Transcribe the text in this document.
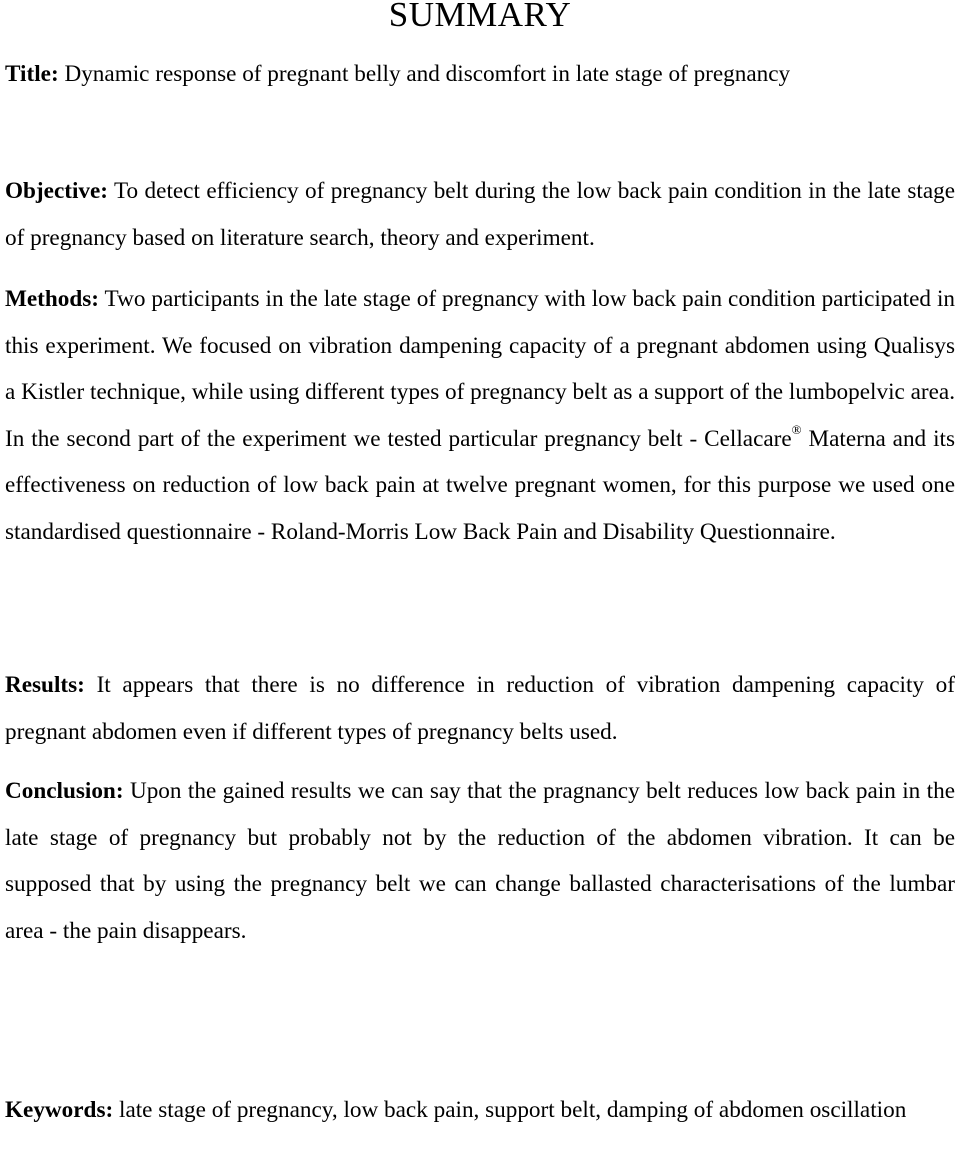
SUMMARY

Title: Dynamic response of pregnant belly and discomfort in late stage of pregnancy

Objective: To detect efficiency of pregnancy belt during the low back pain condition in the late stage of pregnancy based on literature search, theory and experiment.

Methods: Two participants in the late stage of pregnancy with low back pain condition participated in this experiment. We focused on vibration dampening capacity of a pregnant abdomen using Qualisys a Kistler technique, while using different types of pregnancy belt as a support of the lumbopelvic area. In the second part of the experiment we tested particular pregnancy belt - Cellacare® Materna and its effectiveness on reduction of low back pain at twelve pregnant women, for this purpose we used one standardised questionnaire - Roland-Morris Low Back Pain and Disability Questionnaire.

Results: It appears that there is no difference in reduction of vibration dampening capacity of pregnant abdomen even if different types of pregnancy belts used.

Conclusion: Upon the gained results we can say that the pragnancy belt reduces low back pain in the late stage of pregnancy but probably not by the reduction of the abdomen vibration. It can be supposed that by using the pregnancy belt we can change ballasted characterisations of the lumbar area - the pain disappears.

Keywords: late stage of pregnancy, low back pain, support belt, damping of abdomen oscillation
